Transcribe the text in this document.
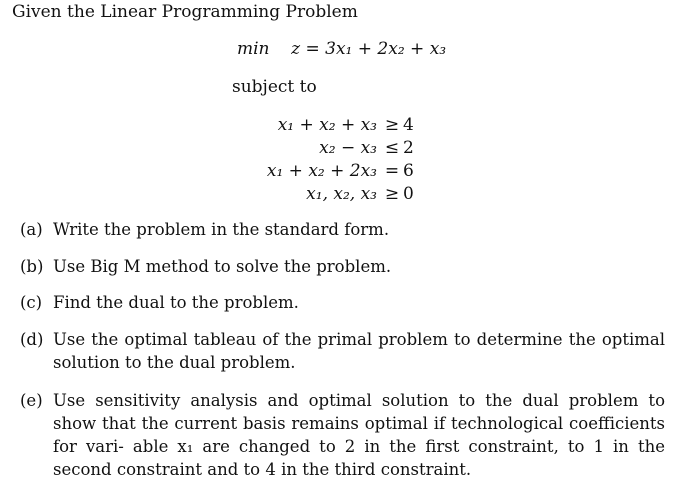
Given the Linear Programming Problem
min z = 3x₁ + 2x₂ + x₃
subject to
x₁ + x₂ + x₃ ≥ 4
x₂ − x₃ ≤ 2
x₁ + x₂ + 2x₃ = 6
x₁, x₂, x₃ ≥ 0
(a) Write the problem in the standard form.
(b) Use Big M method to solve the problem.
(c) Find the dual to the problem.
(d) Use the optimal tableau of the primal problem to determine the optimal solution to the dual problem.
(e) Use sensitivity analysis and optimal solution to the dual problem to show that the current basis remains optimal if technological coefficients for vari- able x₁ are changed to 2 in the first constraint, to 1 in the second constraint and to 4 in the third constraint.
